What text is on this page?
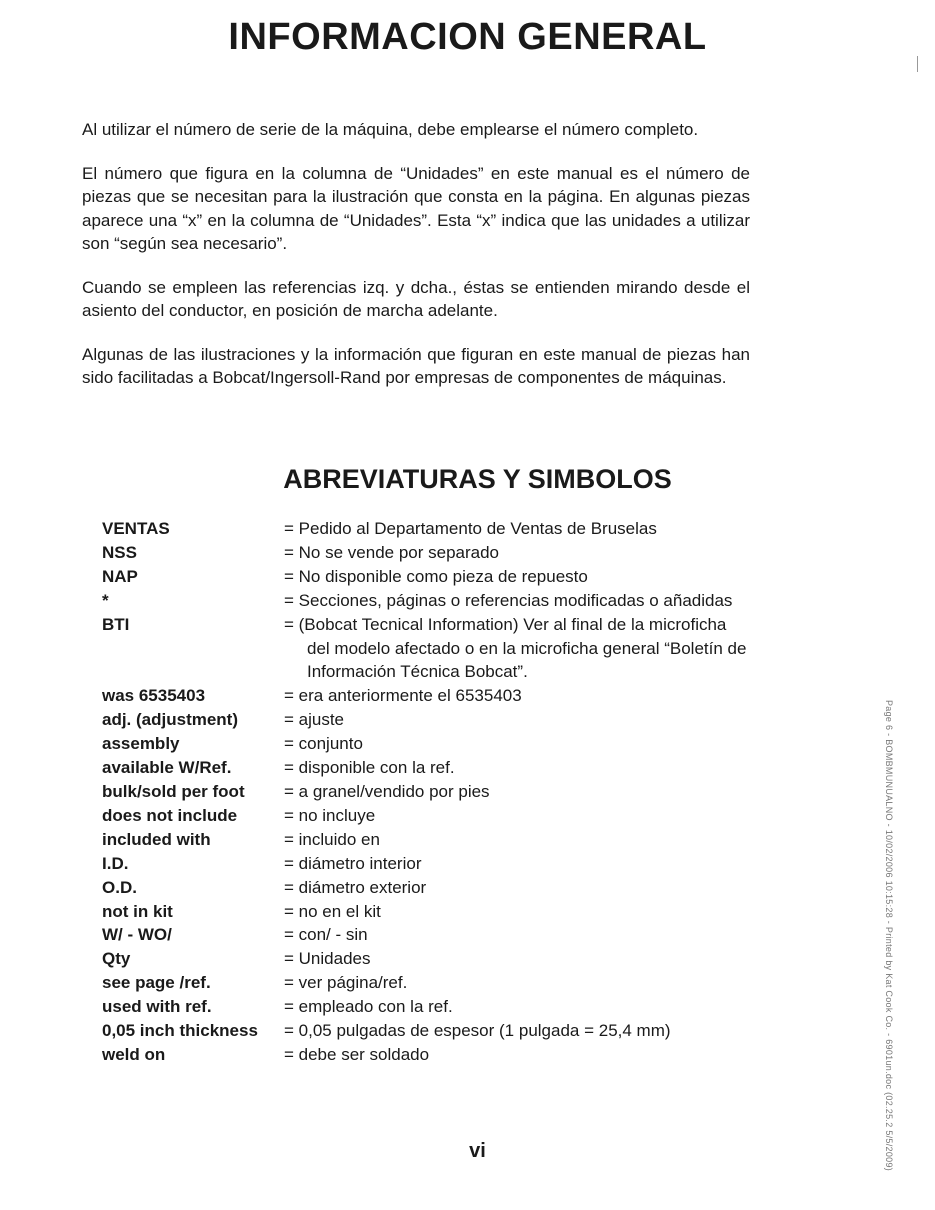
INFORMACION GENERAL

Al utilizar el número de serie de la máquina, debe emplearse el número completo.

El número que figura en la columna de “Unidades” en este manual es el número de piezas que se necesitan para la ilustración que consta en la página. En algunas piezas aparece una “x” en la columna de “Unidades”. Esta “x” indica que las unidades a utilizar son “según sea necesario”.

Cuando se empleen las referencias izq. y dcha., éstas se entienden mirando desde el asiento del conductor, en posición de marcha adelante.

Algunas de las ilustraciones y la información que figuran en este manual de piezas han sido facilitadas a Bobcat/Ingersoll-Rand por empresas de componentes de máquinas.

ABREVIATURAS Y SIMBOLOS
VENTAS	= Pedido al Departamento de Ventas de Bruselas
NSS	= No se vende por separado
NAP	= No disponible como pieza de repuesto
*	= Secciones, páginas o referencias modificadas o añadidas
BTI	= (Bobcat Tecnical Information) Ver al final de la microficha
del modelo afectado o en la microficha general “Boletín de
Información Técnica Bobcat”.
was 6535403	= era anteriormente el 6535403
adj. (adjustment)	= ajuste
assembly	= conjunto
available W/Ref.	= disponible con la ref.
bulk/sold per foot	= a granel/vendido por pies
does not include	= no incluye
included with	= incluido en
I.D.	= diámetro interior
O.D.	= diámetro exterior
not in kit	= no en el kit
W/ - WO/	= con/ - sin
Qty	= Unidades
see page /ref.	= ver página/ref.
used with ref.	= empleado con la ref.
0,05 inch thickness	= 0,05 pulgadas de espesor (1 pulgada = 25,4 mm)
weld on	= debe ser soldado
vi	Page 6 - BOMBMUNUALNO - 10/02/2006 10:15:28 - Printed by Kat Cook Co. - 6901un.doc (02.25.2 5/5/2009)
